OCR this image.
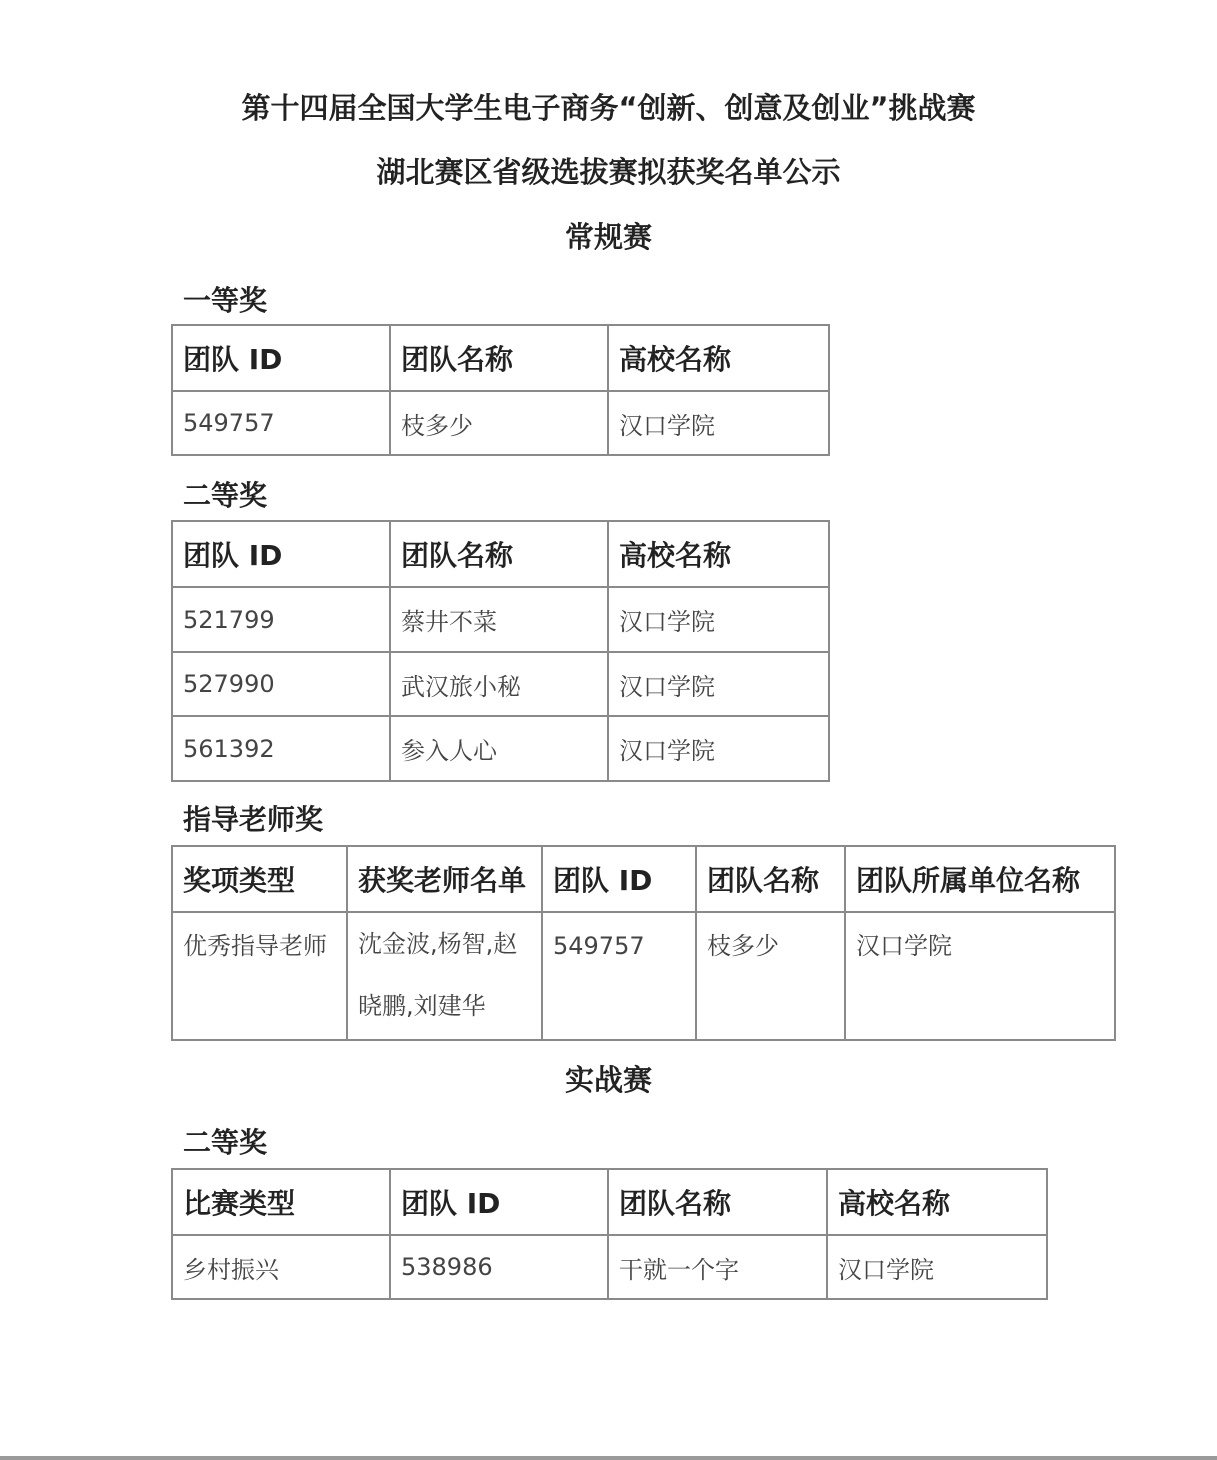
第十四届全国大学生电子商务“创新、创意及创业”挑战赛
湖北赛区省级选拔赛拟获奖名单公示
常规赛
一等奖
团队 ID	团队名称	高校名称
549757	枝多少	汉口学院
二等奖
团队 ID	团队名称	高校名称
521799	蔡井不菜	汉口学院
527990	武汉旅小秘	汉口学院
561392	参入人心	汉口学院
指导老师奖
奖项类型	获奖老师名单	团队 ID	团队名称	团队所属单位名称
优秀指导老师	沈金波,杨智,赵晓鹏,刘建华	549757	枝多少	汉口学院
实战赛
二等奖
比赛类型	团队 ID	团队名称	高校名称
乡村振兴	538986	干就一个字	汉口学院
